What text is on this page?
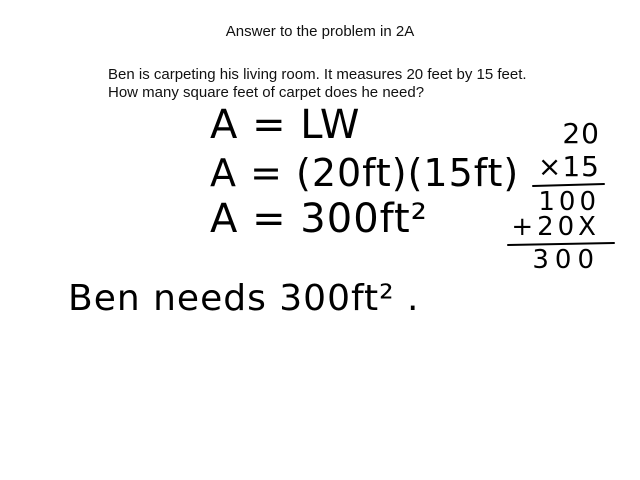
Answer to the problem in 2A

Ben is carpeting his living room. It measures 20 feet by 15 feet.

How many square feet of carpet does he need?

A = LW

A = (20ft)(15ft)

A = 300ft²

20

×15

100

+20X

300

Ben needs 300ft² .
